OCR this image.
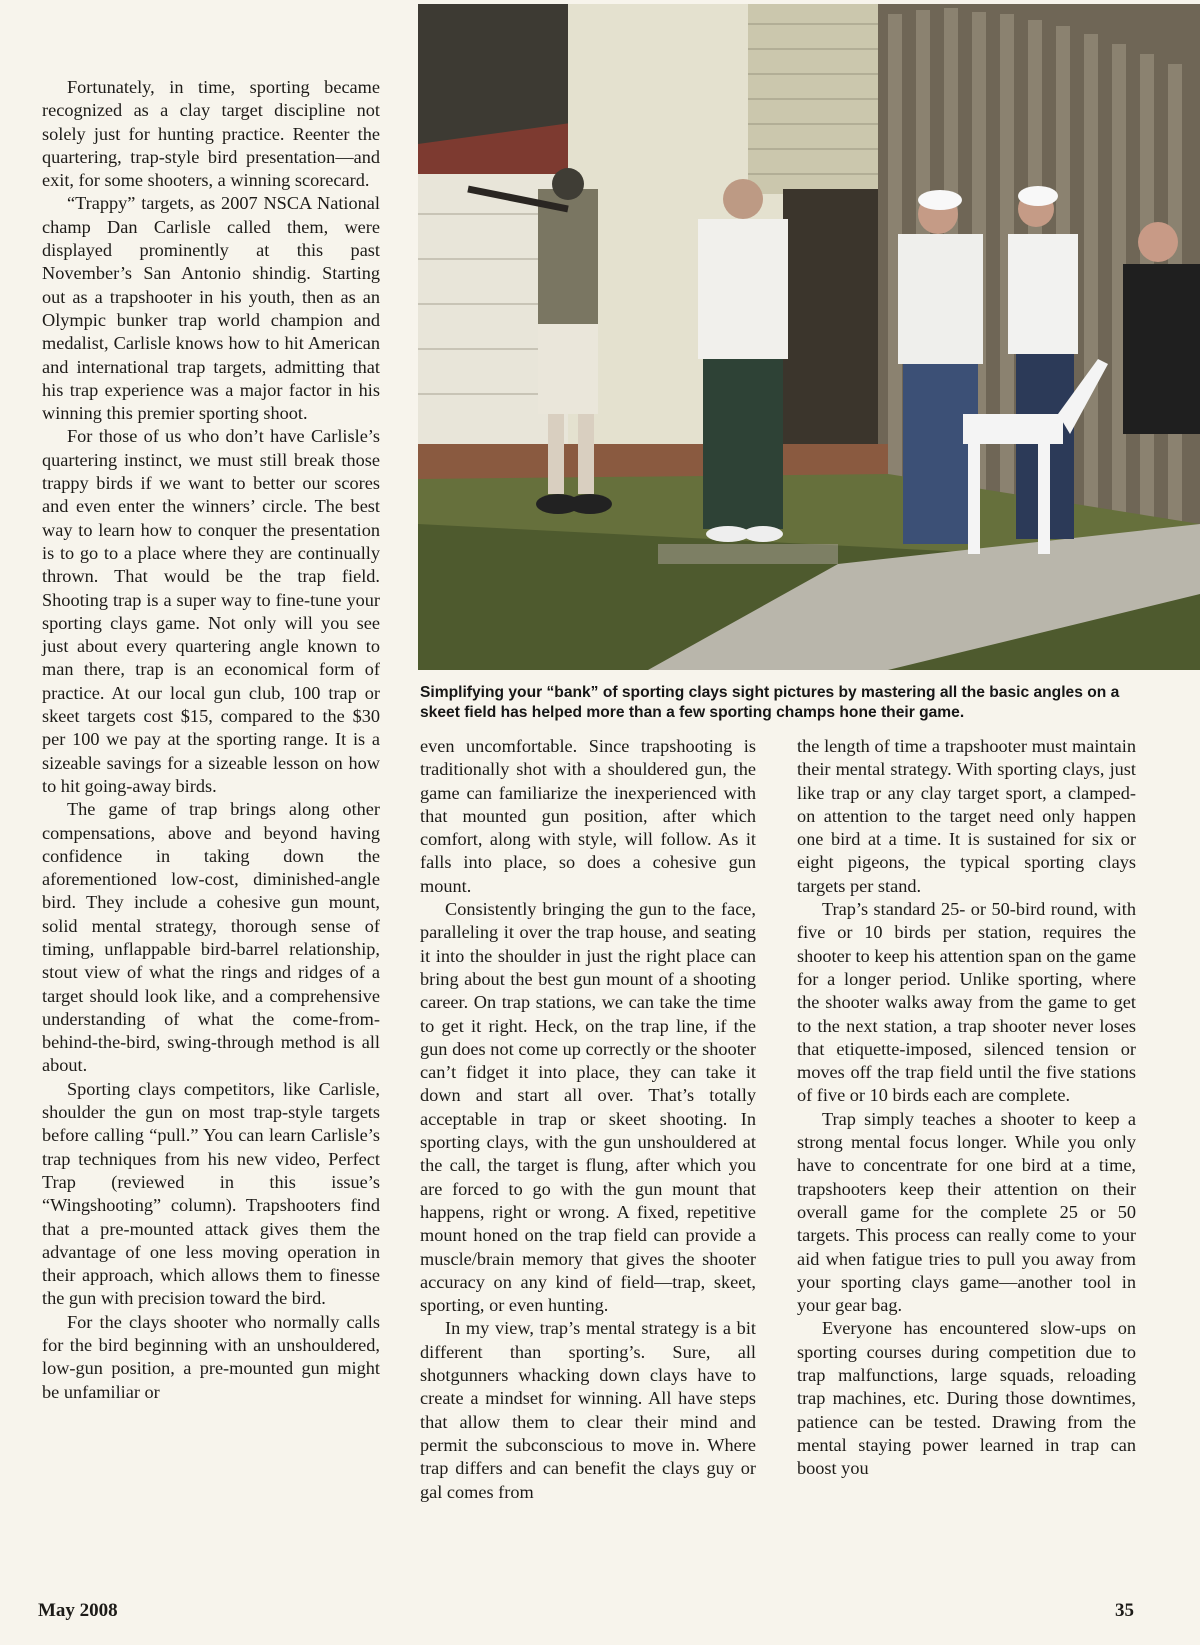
Simplifying your “bank” of sporting clays sight pictures by mastering all the basic angles on a skeet field has helped more than a few sporting champs hone their game.

Fortunately, in time, sporting became recognized as a clay target discipline not solely just for hunting practice. Reenter the quartering, trap-style bird presentation—and exit, for some shooters, a winning scorecard.

“Trappy” targets, as 2007 NSCA National champ Dan Carlisle called them, were displayed prominently at this past November’s San Antonio shindig. Starting out as a trapshooter in his youth, then as an Olympic bunker trap world champion and medalist, Carlisle knows how to hit American and international trap targets, admitting that his trap experience was a major factor in his winning this premier sporting shoot.

For those of us who don’t have Carlisle’s quartering instinct, we must still break those trappy birds if we want to better our scores and even enter the winners’ circle. The best way to learn how to conquer the presentation is to go to a place where they are continually thrown. That would be the trap field. Shooting trap is a super way to fine-tune your sporting clays game. Not only will you see just about every quartering angle known to man there, trap is an economical form of practice. At our local gun club, 100 trap or skeet targets cost $15, compared to the $30 per 100 we pay at the sporting range. It is a sizeable savings for a sizeable lesson on how to hit going-away birds.

The game of trap brings along other compensations, above and beyond having confidence in taking down the aforementioned low-cost, diminished-angle bird. They include a cohesive gun mount, solid mental strategy, thorough sense of timing, unflappable bird-barrel relationship, stout view of what the rings and ridges of a target should look like, and a comprehensive understanding of what the come-from-behind-the-bird, swing-through method is all about.

Sporting clays competitors, like Carlisle, shoulder the gun on most trap-style targets before calling “pull.” You can learn Carlisle’s trap techniques from his new video, Perfect Trap (reviewed in this issue’s “Wingshooting” column). Trapshooters find that a pre-mounted attack gives them the advantage of one less moving operation in their approach, which allows them to finesse the gun with precision toward the bird.

For the clays shooter who normally calls for the bird beginning with an unshouldered, low-gun position, a pre-mounted gun might be unfamiliar or

even uncomfortable. Since trapshooting is traditionally shot with a shouldered gun, the game can familiarize the inexperienced with that mounted gun position, after which comfort, along with style, will follow. As it falls into place, so does a cohesive gun mount.

Consistently bringing the gun to the face, paralleling it over the trap house, and seating it into the shoulder in just the right place can bring about the best gun mount of a shooting career. On trap stations, we can take the time to get it right. Heck, on the trap line, if the gun does not come up correctly or the shooter can’t fidget it into place, they can take it down and start all over. That’s totally acceptable in trap or skeet shooting. In sporting clays, with the gun unshouldered at the call, the target is flung, after which you are forced to go with the gun mount that happens, right or wrong. A fixed, repetitive mount honed on the trap field can provide a muscle/brain memory that gives the shooter accuracy on any kind of field—trap, skeet, sporting, or even hunting.

In my view, trap’s mental strategy is a bit different than sporting’s. Sure, all shotgunners whacking down clays have to create a mindset for winning. All have steps that allow them to clear their mind and permit the subconscious to move in. Where trap differs and can benefit the clays guy or gal comes from

the length of time a trapshooter must maintain their mental strategy. With sporting clays, just like trap or any clay target sport, a clamped-on attention to the target need only happen one bird at a time. It is sustained for six or eight pigeons, the typical sporting clays targets per stand.

Trap’s standard 25- or 50-bird round, with five or 10 birds per station, requires the shooter to keep his attention span on the game for a longer period. Unlike sporting, where the shooter walks away from the game to get to the next station, a trap shooter never loses that etiquette-imposed, silenced tension or moves off the trap field until the five stations of five or 10 birds each are complete.

Trap simply teaches a shooter to keep a strong mental focus longer. While you only have to concentrate for one bird at a time, trapshooters keep their attention on their overall game for the complete 25 or 50 targets. This process can really come to your aid when fatigue tries to pull you away from your sporting clays game—another tool in your gear bag.

Everyone has encountered slow-ups on sporting courses during competition due to trap malfunctions, large squads, reloading trap machines, etc. During those downtimes, patience can be tested. Drawing from the mental staying power learned in trap can boost you

May 2008	35
